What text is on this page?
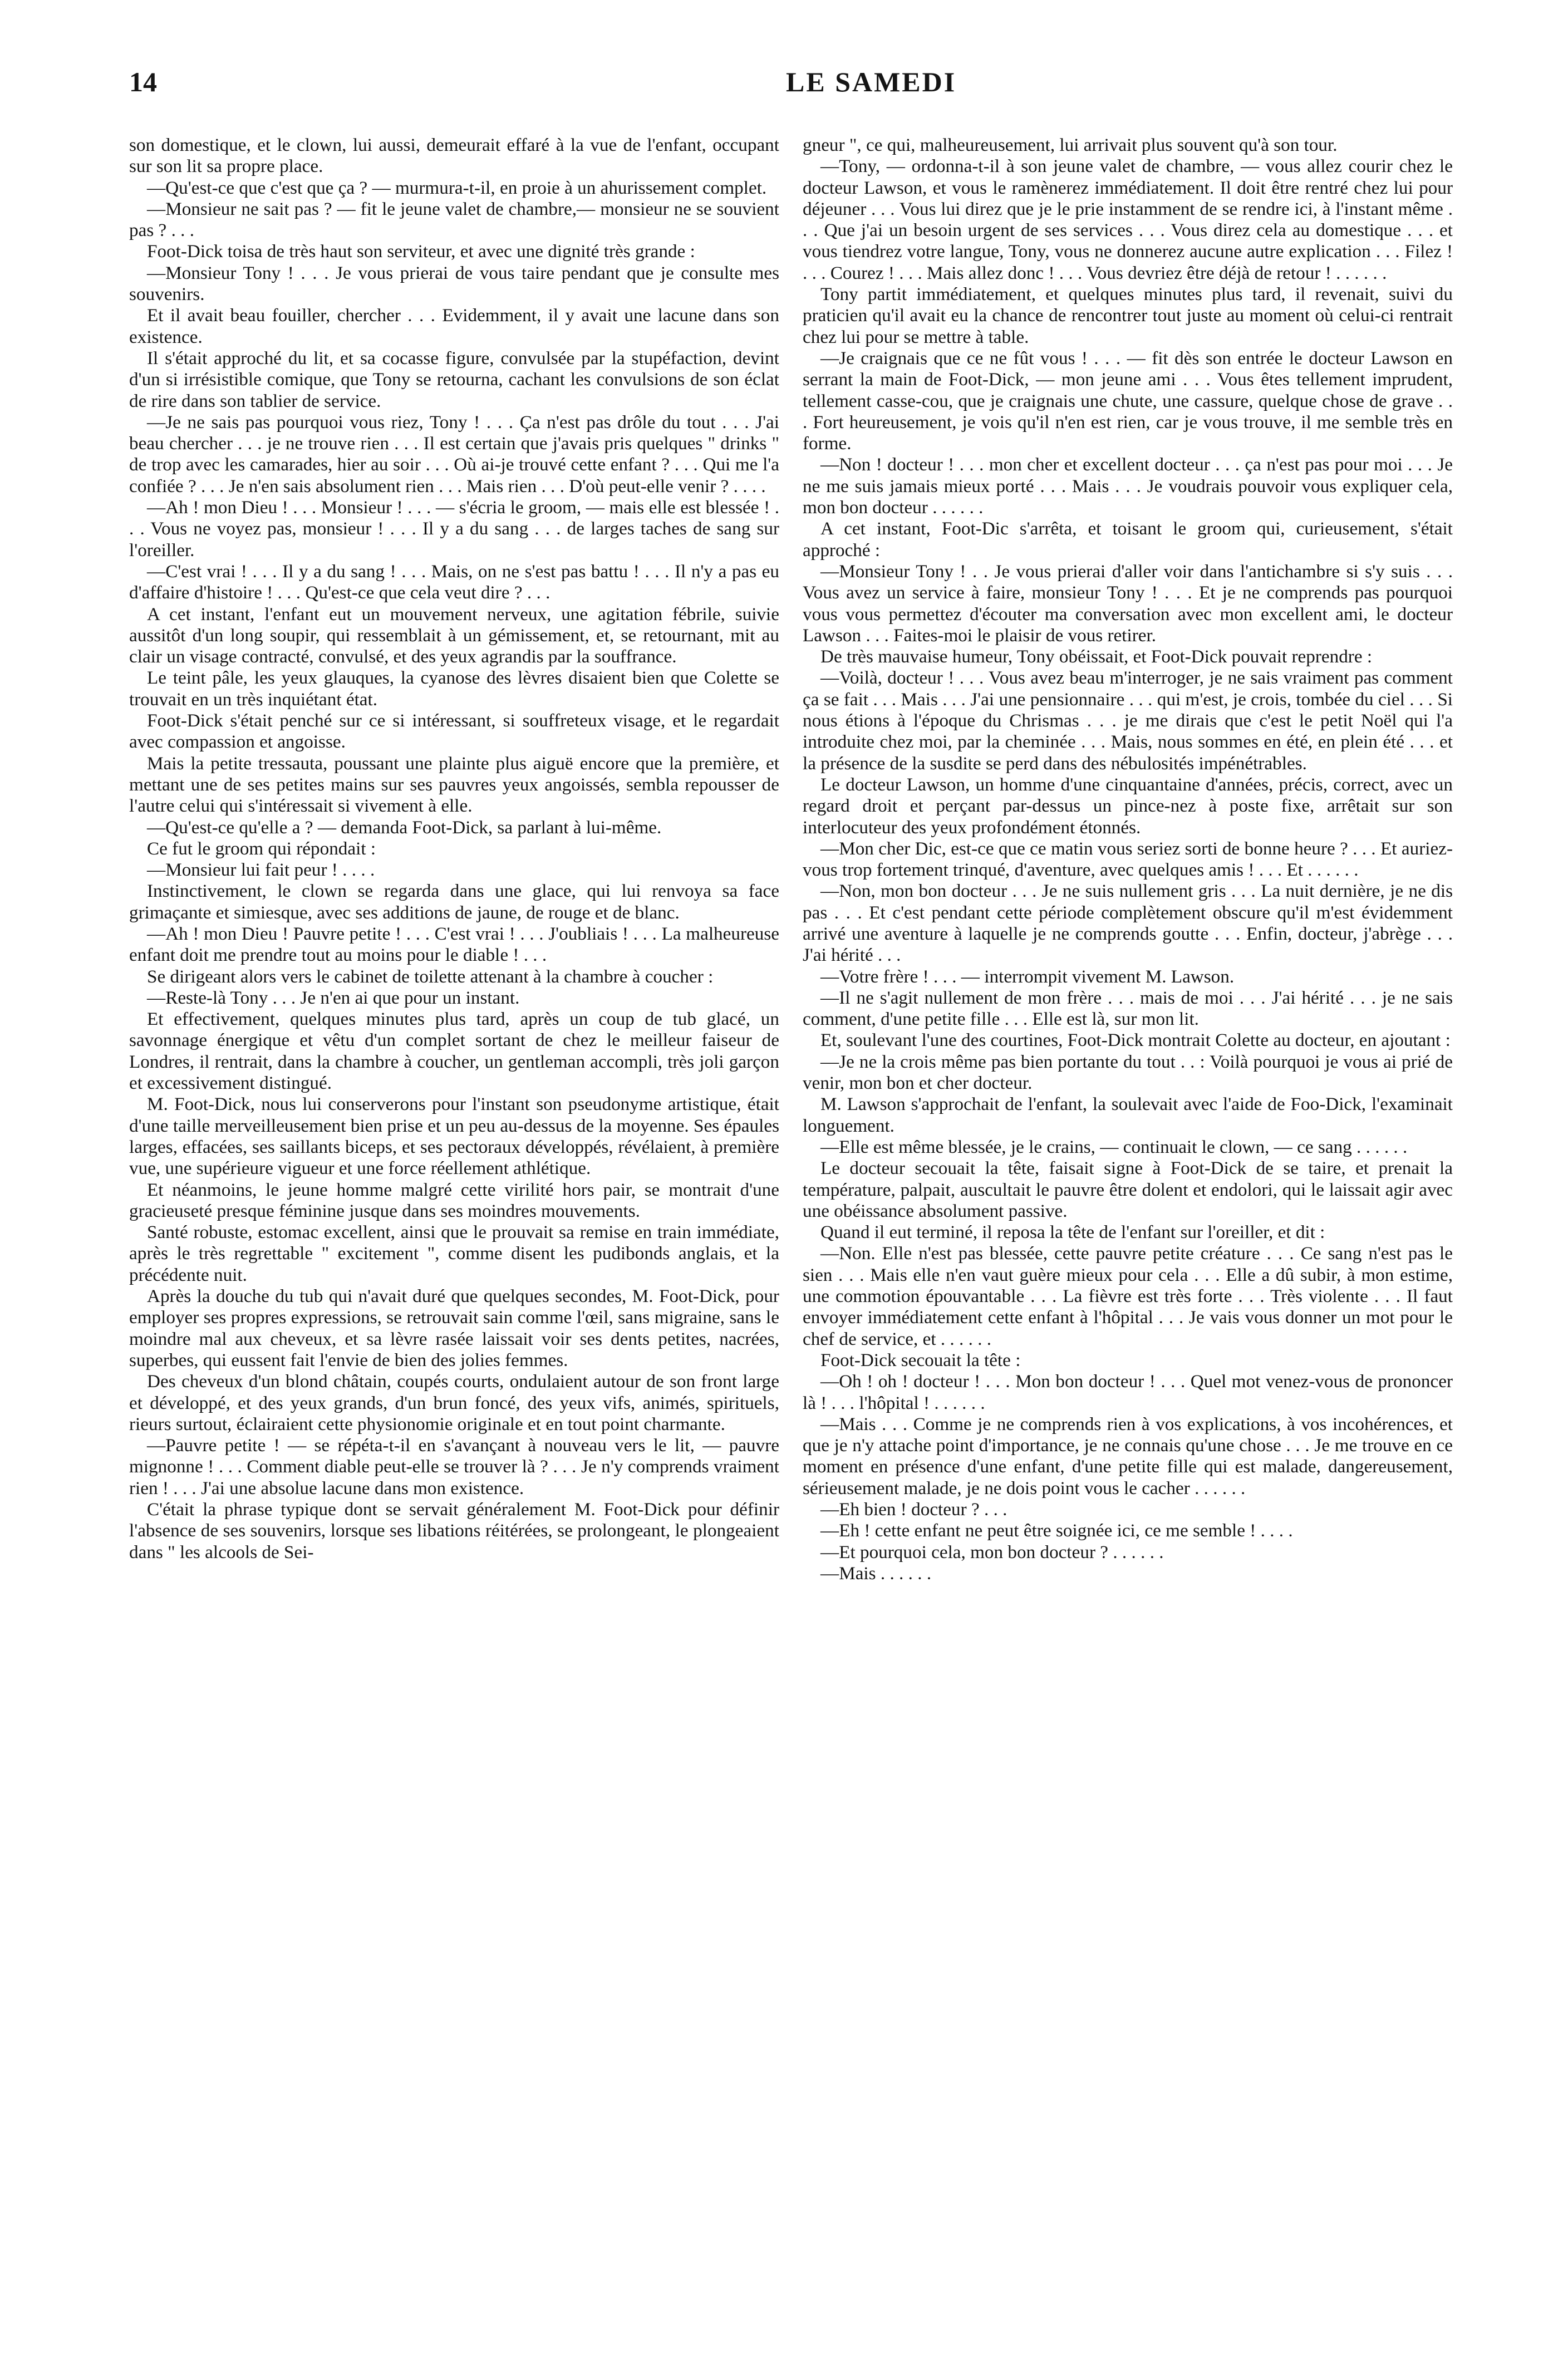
14	LE SAMEDI

son domestique, et le clown, lui aussi, demeurait effaré à la vue de l'enfant, occupant sur son lit sa propre place.

—Qu'est-ce que c'est que ça ? — murmura-t-il, en proie à un ahurissement complet.

—Monsieur ne sait pas ? — fit le jeune valet de chambre,— monsieur ne se souvient pas ? . . .

Foot-Dick toisa de très haut son serviteur, et avec une dignité très grande :

—Monsieur Tony ! . . . Je vous prierai de vous taire pendant que je consulte mes souvenirs.

Et il avait beau fouiller, chercher . . . Evidemment, il y avait une lacune dans son existence.

Il s'était approché du lit, et sa cocasse figure, convulsée par la stupéfaction, devint d'un si irrésistible comique, que Tony se retourna, cachant les convulsions de son éclat de rire dans son tablier de service.

—Je ne sais pas pourquoi vous riez, Tony ! . . . Ça n'est pas drôle du tout . . . J'ai beau chercher . . . je ne trouve rien . . . Il est certain que j'avais pris quelques " drinks " de trop avec les camarades, hier au soir . . . Où ai-je trouvé cette enfant ? . . . Qui me l'a confiée ? . . . Je n'en sais absolument rien . . . Mais rien . . . D'où peut-elle venir ? . . . .

—Ah ! mon Dieu ! . . . Monsieur ! . . . — s'écria le groom, — mais elle est blessée ! . . . Vous ne voyez pas, monsieur ! . . . Il y a du sang . . . de larges taches de sang sur l'oreiller.

—C'est vrai ! . . . Il y a du sang ! . . . Mais, on ne s'est pas battu ! . . . Il n'y a pas eu d'affaire d'histoire ! . . . Qu'est-ce que cela veut dire ? . . .

A cet instant, l'enfant eut un mouvement nerveux, une agitation fébrile, suivie aussitôt d'un long soupir, qui ressemblait à un gémissement, et, se retournant, mit au clair un visage contracté, convulsé, et des yeux agrandis par la souffrance.

Le teint pâle, les yeux glauques, la cyanose des lèvres disaient bien que Colette se trouvait en un très inquiétant état.

Foot-Dick s'était penché sur ce si intéressant, si souffreteux visage, et le regardait avec compassion et angoisse.

Mais la petite tressauta, poussant une plainte plus aiguë encore que la première, et mettant une de ses petites mains sur ses pauvres yeux angoissés, sembla repousser de l'autre celui qui s'intéressait si vivement à elle.

—Qu'est-ce qu'elle a ? — demanda Foot-Dick, sa parlant à lui-même.

Ce fut le groom qui répondait :

—Monsieur lui fait peur ! . . . .

Instinctivement, le clown se regarda dans une glace, qui lui renvoya sa face grimaçante et simiesque, avec ses additions de jaune, de rouge et de blanc.

—Ah ! mon Dieu ! Pauvre petite ! . . . C'est vrai ! . . . J'oubliais ! . . . La malheureuse enfant doit me prendre tout au moins pour le diable ! . . .

Se dirigeant alors vers le cabinet de toilette attenant à la chambre à coucher :

—Reste-là Tony . . . Je n'en ai que pour un instant.

Et effectivement, quelques minutes plus tard, après un coup de tub glacé, un savonnage énergique et vêtu d'un complet sortant de chez le meilleur faiseur de Londres, il rentrait, dans la chambre à coucher, un gentleman accompli, très joli garçon et excessivement distingué.

M. Foot-Dick, nous lui conserverons pour l'instant son pseudonyme artistique, était d'une taille merveilleusement bien prise et un peu au-dessus de la moyenne. Ses épaules larges, effacées, ses saillants biceps, et ses pectoraux développés, révélaient, à première vue, une supérieure vigueur et une force réellement athlétique.

Et néanmoins, le jeune homme malgré cette virilité hors pair, se montrait d'une gracieuseté presque féminine jusque dans ses moindres mouvements.

Santé robuste, estomac excellent, ainsi que le prouvait sa remise en train immédiate, après le très regrettable " excitement ", comme disent les pudibonds anglais, et la précédente nuit.

Après la douche du tub qui n'avait duré que quelques secondes, M. Foot-Dick, pour employer ses propres expressions, se retrouvait sain comme l'œil, sans migraine, sans le moindre mal aux cheveux, et sa lèvre rasée laissait voir ses dents petites, nacrées, superbes, qui eussent fait l'envie de bien des jolies femmes.

Des cheveux d'un blond châtain, coupés courts, ondulaient autour de son front large et développé, et des yeux grands, d'un brun foncé, des yeux vifs, animés, spirituels, rieurs surtout, éclairaient cette physionomie originale et en tout point charmante.

—Pauvre petite ! — se répéta-t-il en s'avançant à nouveau vers le lit, — pauvre mignonne ! . . . Comment diable peut-elle se trouver là ? . . . Je n'y comprends vraiment rien ! . . . J'ai une absolue lacune dans mon existence.

C'était la phrase typique dont se servait généralement M. Foot-Dick pour définir l'absence de ses souvenirs, lorsque ses libations réitérées, se prolongeant, le plongeaient dans " les alcools de Sei-

gneur ", ce qui, malheureusement, lui arrivait plus souvent qu'à son tour.

—Tony, — ordonna-t-il à son jeune valet de chambre, — vous allez courir chez le docteur Lawson, et vous le ramènerez immédiatement. Il doit être rentré chez lui pour déjeuner . . . Vous lui direz que je le prie instamment de se rendre ici, à l'instant même . . . Que j'ai un besoin urgent de ses services . . . Vous direz cela au domestique . . . et vous tiendrez votre langue, Tony, vous ne donnerez aucune autre explication . . . Filez ! . . . Courez ! . . . Mais allez donc ! . . . Vous devriez être déjà de retour ! . . . . . .

Tony partit immédiatement, et quelques minutes plus tard, il revenait, suivi du praticien qu'il avait eu la chance de rencontrer tout juste au moment où celui-ci rentrait chez lui pour se mettre à table.

—Je craignais que ce ne fût vous ! . . . — fit dès son entrée le docteur Lawson en serrant la main de Foot-Dick, — mon jeune ami . . . Vous êtes tellement imprudent, tellement casse-cou, que je craignais une chute, une cassure, quelque chose de grave . . . Fort heureusement, je vois qu'il n'en est rien, car je vous trouve, il me semble très en forme.

—Non ! docteur ! . . . mon cher et excellent docteur . . . ça n'est pas pour moi . . . Je ne me suis jamais mieux porté . . . Mais . . . Je voudrais pouvoir vous expliquer cela, mon bon docteur . . . . . .

A cet instant, Foot-Dic s'arrêta, et toisant le groom qui, curieusement, s'était approché :

—Monsieur Tony ! . . Je vous prierai d'aller voir dans l'antichambre si s'y suis . . . Vous avez un service à faire, monsieur Tony ! . . . Et je ne comprends pas pourquoi vous vous permettez d'écouter ma conversation avec mon excellent ami, le docteur Lawson . . . Faites-moi le plaisir de vous retirer.

De très mauvaise humeur, Tony obéissait, et Foot-Dick pouvait reprendre :

—Voilà, docteur ! . . . Vous avez beau m'interroger, je ne sais vraiment pas comment ça se fait . . . Mais . . . J'ai une pensionnaire . . . qui m'est, je crois, tombée du ciel . . . Si nous étions à l'époque du Chrismas . . . je me dirais que c'est le petit Noël qui l'a introduite chez moi, par la cheminée . . . Mais, nous sommes en été, en plein été . . . et la présence de la susdite se perd dans des nébulosités impénétrables.

Le docteur Lawson, un homme d'une cinquantaine d'années, précis, correct, avec un regard droit et perçant par-dessus un pince-nez à poste fixe, arrêtait sur son interlocuteur des yeux profondément étonnés.

—Mon cher Dic, est-ce que ce matin vous seriez sorti de bonne heure ? . . . Et auriez-vous trop fortement trinqué, d'aventure, avec quelques amis ! . . . Et . . . . . .

—Non, mon bon docteur . . . Je ne suis nullement gris . . . La nuit dernière, je ne dis pas . . . Et c'est pendant cette période complètement obscure qu'il m'est évidemment arrivé une aventure à laquelle je ne comprends goutte . . . Enfin, docteur, j'abrège . . . J'ai hérité . . .

—Votre frère ! . . . — interrompit vivement M. Lawson.

—Il ne s'agit nullement de mon frère . . . mais de moi . . . J'ai hérité . . . je ne sais comment, d'une petite fille . . . Elle est là, sur mon lit.

Et, soulevant l'une des courtines, Foot-Dick montrait Colette au docteur, en ajoutant :

—Je ne la crois même pas bien portante du tout . . : Voilà pourquoi je vous ai prié de venir, mon bon et cher docteur.

M. Lawson s'approchait de l'enfant, la soulevait avec l'aide de Foo-Dick, l'examinait longuement.

—Elle est même blessée, je le crains, — continuait le clown, — ce sang . . . . . .

Le docteur secouait la tête, faisait signe à Foot-Dick de se taire, et prenait la température, palpait, auscultait le pauvre être dolent et endolori, qui le laissait agir avec une obéissance absolument passive.

Quand il eut terminé, il reposa la tête de l'enfant sur l'oreiller, et dit :

—Non. Elle n'est pas blessée, cette pauvre petite créature . . . Ce sang n'est pas le sien . . . Mais elle n'en vaut guère mieux pour cela . . . Elle a dû subir, à mon estime, une commotion épouvantable . . . La fièvre est très forte . . . Très violente . . . Il faut envoyer immédiatement cette enfant à l'hôpital . . . Je vais vous donner un mot pour le chef de service, et . . . . . .

Foot-Dick secouait la tête :

—Oh ! oh ! docteur ! . . . Mon bon docteur ! . . . Quel mot venez-vous de prononcer là ! . . . l'hôpital ! . . . . . .

—Mais . . . Comme je ne comprends rien à vos explications, à vos incohérences, et que je n'y attache point d'importance, je ne connais qu'une chose . . . Je me trouve en ce moment en présence d'une enfant, d'une petite fille qui est malade, dangereusement, sérieusement malade, je ne dois point vous le cacher . . . . . .

—Eh bien ! docteur ? . . .

—Eh ! cette enfant ne peut être soignée ici, ce me semble ! . . . .

—Et pourquoi cela, mon bon docteur ? . . . . . .

—Mais . . . . . .
